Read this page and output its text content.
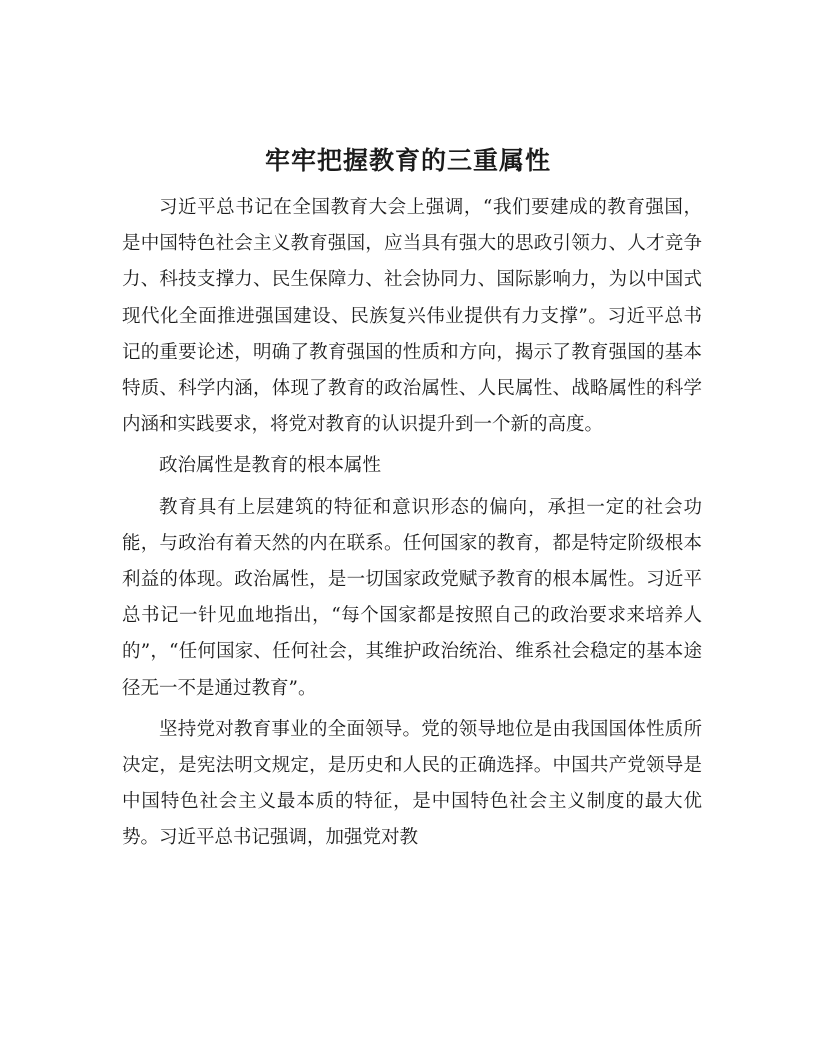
牢牢把握教育的三重属性

习近平总书记在全国教育大会上强调，“我们要建成的教育强国，是中国特色社会主义教育强国，应当具有强大的思政引领力、人才竞争力、科技支撑力、民生保障力、社会协同力、国际影响力，为以中国式现代化全面推进强国建设、民族复兴伟业提供有力支撑”。习近平总书记的重要论述，明确了教育强国的性质和方向，揭示了教育强国的基本特质、科学内涵，体现了教育的政治属性、人民属性、战略属性的科学内涵和实践要求，将党对教育的认识提升到一个新的高度。

政治属性是教育的根本属性

教育具有上层建筑的特征和意识形态的偏向，承担一定的社会功能，与政治有着天然的内在联系。任何国家的教育，都是特定阶级根本利益的体现。政治属性，是一切国家政党赋予教育的根本属性。习近平总书记一针见血地指出，“每个国家都是按照自己的政治要求来培养人的”，“任何国家、任何社会，其维护政治统治、维系社会稳定的基本途径无一不是通过教育”。

坚持党对教育事业的全面领导。党的领导地位是由我国国体性质所决定，是宪法明文规定，是历史和人民的正确选择。中国共产党领导是中国特色社会主义最本质的特征，是中国特色社会主义制度的最大优势。习近平总书记强调，加强党对教
